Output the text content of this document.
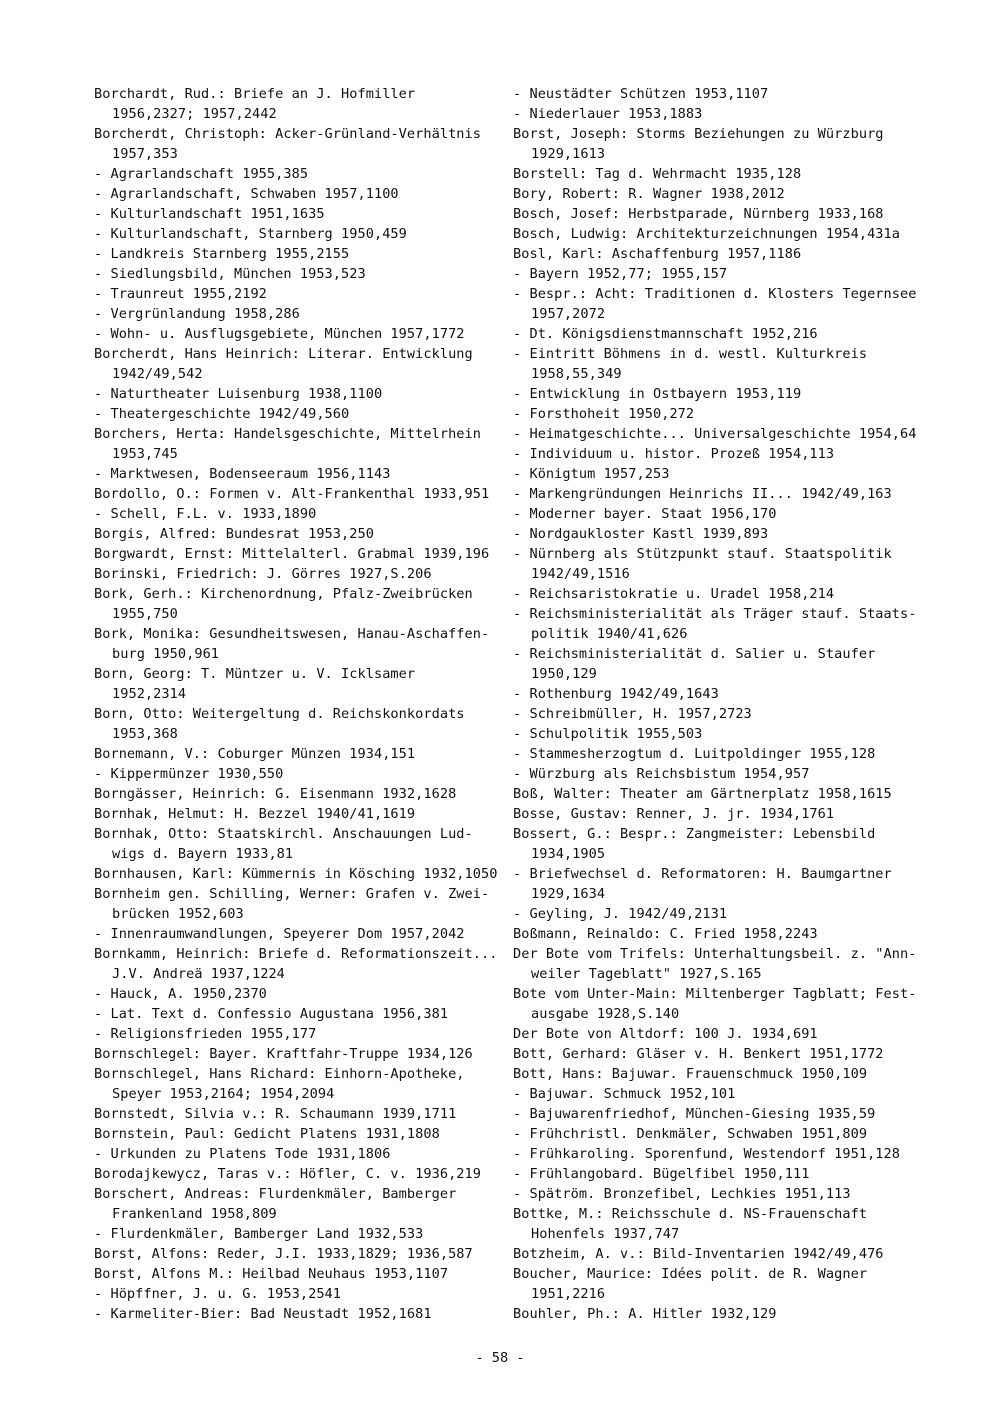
Borchardt, Rud.: Briefe an J. Hofmiller
1956,2327; 1957,2442
Borcherdt, Christoph: Acker-Grünland-Verhältnis
1957,353
- Agrarlandschaft 1955,385
- Agrarlandschaft, Schwaben 1957,1100
- Kulturlandschaft 1951,1635
- Kulturlandschaft, Starnberg 1950,459
- Landkreis Starnberg 1955,2155
- Siedlungsbild, München 1953,523
- Traunreut 1955,2192
- Vergrünlandung 1958,286
- Wohn- u. Ausflugsgebiete, München 1957,1772
Borcherdt, Hans Heinrich: Literar. Entwicklung
1942/49,542
- Naturtheater Luisenburg 1938,1100
- Theatergeschichte 1942/49,560
Borchers, Herta: Handelsgeschichte, Mittelrhein
1953,745
- Marktwesen, Bodenseeraum 1956,1143
Bordollo, O.: Formen v. Alt-Frankenthal 1933,951
- Schell, F.L. v. 1933,1890
Borgis, Alfred: Bundesrat 1953,250
Borgwardt, Ernst: Mittelalterl. Grabmal 1939,196
Borinski, Friedrich: J. Görres 1927,S.206
Bork, Gerh.: Kirchenordnung, Pfalz-Zweibrücken
1955,750
Bork, Monika: Gesundheitswesen, Hanau-Aschaffen-
burg 1950,961
Born, Georg: T. Müntzer u. V. Icklsamer
1952,2314
Born, Otto: Weitergeltung d. Reichskonkordats
1953,368
Bornemann, V.: Coburger Münzen 1934,151
- Kippermünzer 1930,550
Borngässer, Heinrich: G. Eisenmann 1932,1628
Bornhak, Helmut: H. Bezzel 1940/41,1619
Bornhak, Otto: Staatskirchl. Anschauungen Lud-
wigs d. Bayern 1933,81
Bornhausen, Karl: Kümmernis in Kösching 1932,1050
Bornheim gen. Schilling, Werner: Grafen v. Zwei-
brücken 1952,603
- Innenraumwandlungen, Speyerer Dom 1957,2042
Bornkamm, Heinrich: Briefe d. Reformationszeit...
J.V. Andreä 1937,1224
- Hauck, A. 1950,2370
- Lat. Text d. Confessio Augustana 1956,381
- Religionsfrieden 1955,177
Bornschlegel: Bayer. Kraftfahr-Truppe 1934,126
Bornschlegel, Hans Richard: Einhorn-Apotheke,
Speyer 1953,2164; 1954,2094
Bornstedt, Silvia v.: R. Schaumann 1939,1711
Bornstein, Paul: Gedicht Platens 1931,1808
- Urkunden zu Platens Tode 1931,1806
Borodajkewycz, Taras v.: Höfler, C. v. 1936,219
Borschert, Andreas: Flurdenkmäler, Bamberger
Frankenland 1958,809
- Flurdenkmäler, Bamberger Land 1932,533
Borst, Alfons: Reder, J.I. 1933,1829; 1936,587
Borst, Alfons M.: Heilbad Neuhaus 1953,1107
- Höpffner, J. u. G. 1953,2541
- Karmeliter-Bier: Bad Neustadt 1952,1681
- Neustädter Schützen 1953,1107
- Niederlauer 1953,1883
Borst, Joseph: Storms Beziehungen zu Würzburg
1929,1613
Borstell: Tag d. Wehrmacht 1935,128
Bory, Robert: R. Wagner 1938,2012
Bosch, Josef: Herbstparade, Nürnberg 1933,168
Bosch, Ludwig: Architekturzeichnungen 1954,431a
Bosl, Karl: Aschaffenburg 1957,1186
- Bayern 1952,77; 1955,157
- Bespr.: Acht: Traditionen d. Klosters Tegernsee
1957,2072
- Dt. Königsdienstmannschaft 1952,216
- Eintritt Böhmens in d. westl. Kulturkreis
1958,55,349
- Entwicklung in Ostbayern 1953,119
- Forsthoheit 1950,272
- Heimatgeschichte... Universalgeschichte 1954,64
- Individuum u. histor. Prozeß 1954,113
- Königtum 1957,253
- Markengründungen Heinrichs II... 1942/49,163
- Moderner bayer. Staat 1956,170
- Nordgaukloster Kastl 1939,893
- Nürnberg als Stützpunkt stauf. Staatspolitik
1942/49,1516
- Reichsaristokratie u. Uradel 1958,214
- Reichsministerialität als Träger stauf. Staats-
politik 1940/41,626
- Reichsministerialität d. Salier u. Staufer
1950,129
- Rothenburg 1942/49,1643
- Schreibmüller, H. 1957,2723
- Schulpolitik 1955,503
- Stammesherzogtum d. Luitpoldinger 1955,128
- Würzburg als Reichsbistum 1954,957
Boß, Walter: Theater am Gärtnerplatz 1958,1615
Bosse, Gustav: Renner, J. jr. 1934,1761
Bossert, G.: Bespr.: Zangmeister: Lebensbild
1934,1905
- Briefwechsel d. Reformatoren: H. Baumgartner
1929,1634
- Geyling, J. 1942/49,2131
Boßmann, Reinaldo: C. Fried 1958,2243
Der Bote vom Trifels: Unterhaltungsbeil. z. "Ann-
weiler Tageblatt" 1927,S.165
Bote vom Unter-Main: Miltenberger Tagblatt; Fest-
ausgabe 1928,S.140
Der Bote von Altdorf: 100 J. 1934,691
Bott, Gerhard: Gläser v. H. Benkert 1951,1772
Bott, Hans: Bajuwar. Frauenschmuck 1950,109
- Bajuwar. Schmuck 1952,101
- Bajuwarenfriedhof, München-Giesing 1935,59
- Frühchristl. Denkmäler, Schwaben 1951,809
- Frühkaroling. Sporenfund, Westendorf 1951,128
- Frühlangobard. Bügelfibel 1950,111
- Spätröm. Bronzefibel, Lechkies 1951,113
Bottke, M.: Reichsschule d. NS-Frauenschaft
Hohenfels 1937,747
Botzheim, A. v.: Bild-Inventarien 1942/49,476
Boucher, Maurice: Idées polit. de R. Wagner
1951,2216
Bouhler, Ph.: A. Hitler 1932,129
- 58 -
